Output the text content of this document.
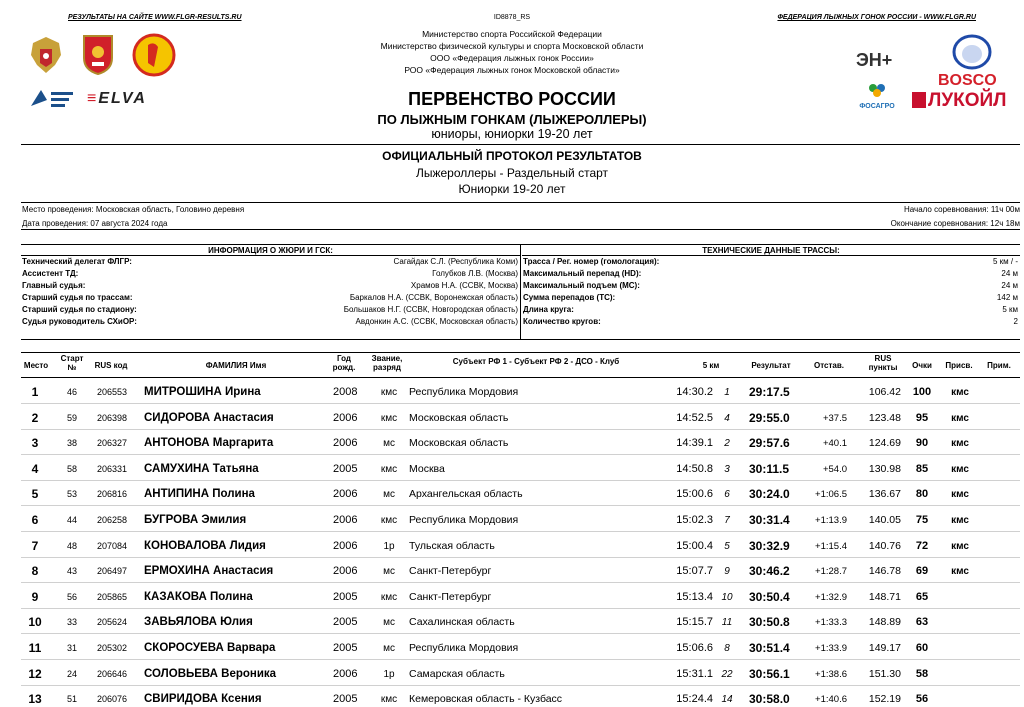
РЕЗУЛЬТАТЫ НА САЙТЕ WWW.FLGR-RESULTS.RU	ID8878_RS	ФЕДЕРАЦИЯ ЛЫЖНЫХ ГОНОК РОССИИ - WWW.FLGR.RU
Министерство спорта Российской Федерации
Министерство физической культуры и спорта Московской области
ООО «Федерация лыжных гонок России»
РОО «Федерация лыжных гонок Московской области»
ПЕРВЕНСТВО РОССИИ
ПО ЛЫЖНЫМ ГОНКАМ (ЛЫЖЕРОЛЛЕРЫ)
юниоры, юниорки 19-20 лет
ОФИЦИАЛЬНЫЙ ПРОТОКОЛ РЕЗУЛЬТАТОВ
Лыжероллеры - Раздельный старт
Юниорки 19-20 лет
≡ELVA
ЭН+
ФОСАГРО
BOSCO
ЛУКОЙЛ
Место проведения: Московская область, Головино деревня
Дата проведения: 07 августа 2024 года
Начало соревнования: 11ч 00м
Окончание соревнования: 12ч 18м
ИНФОРМАЦИЯ О ЖЮРИ И ГСК:
Технический делегат ФЛГР:	Сагайдак С.Л. (Республика Коми)
Ассистент ТД:	Голубков Л.В. (Москва)
Главный судья:	Храмов Н.А. (ССВК, Москва)
Старший судья по трассам:	Баркалов Н.А. (ССВК, Воронежская область)
Старший судья по стадиону:	Большаков Н.Г. (ССВК, Новгородская область)
Судья руководитель СХиОР:	Авдонкин А.С. (ССВК, Московская область)
ТЕХНИЧЕСКИЕ ДАННЫЕ ТРАССЫ:
Трасса / Рег. номер (гомологация):	5 км / -
Максимальный перепад (HD):	24 м
Максимальный подъем (MC):	24 м
Сумма перепадов (TC):	142 м
Длина круга:	5 км
Количество кругов:	2
Место
Старт №	RUS код	ФАМИЛИЯ Имя
Год рожд.
Звание, разряд
Субъект РФ 1 - Субъект РФ 2 - ДСО - Клуб	5 км	Результат	Отстав.
RUS пункты	Очки	Присв.	Прим.
1	46	206553 МИТРОШИНА Ирина	2008	кмс	Республика Мордовия	14:30.2	1	29:17.5	106.42	100	кмс
2	59	206398 СИДОРОВА Анастасия	2006	кмс	Московская область	14:52.5	4	29:55.0	+37.5	123.48	95	кмс
3	38	206327 АНТОНОВА Маргарита	2006	мс	Московская область	14:39.1	2	29:57.6	+40.1	124.69	90	кмс
4	58	206331 САМУХИНА Татьяна	2005	кмс	Москва	14:50.8	3	30:11.5	+54.0	130.98	85	кмс
5	53	206816 АНТИПИНА Полина	2006	мс	Архангельская область	15:00.6	6	30:24.0	+1:06.5	136.67	80	кмс
6	44	206258 БУГРОВА Эмилия	2006	кмс	Республика Мордовия	15:02.3	7	30:31.4	+1:13.9	140.05	75	кмс
7	48	207084 КОНОВАЛОВА Лидия	2006	1р	Тульская область	15:00.4	5	30:32.9	+1:15.4	140.76	72	кмс
8	43	206497 ЕРМОХИНА Анастасия	2006	мс	Санкт-Петербург	15:07.7	9	30:46.2	+1:28.7	146.78	69	кмс
9	56	205865 КАЗАКОВА Полина	2005	кмс	Санкт-Петербург	15:13.4 10	30:50.4	+1:32.9	148.71	65
10	33	205624 ЗАВЬЯЛОВА Юлия	2005	мс	Сахалинская область	15:15.7 11	30:50.8	+1:33.3	148.89	63
11	31	205302 СКОРОСУЕВА Варвара	2005	мс	Республика Мордовия	15:06.6	8	30:51.4	+1:33.9	149.17	60
12	24	206646 СОЛОВЬЕВА Вероника	2006	1р	Самарская область	15:31.1 22	30:56.1	+1:38.6	151.30	58
13	51	206076 СВИРИДОВА Ксения	2005	кмс	Кемеровская область - Кузбасс	15:24.4 14	30:58.0	+1:40.6	152.19	56
